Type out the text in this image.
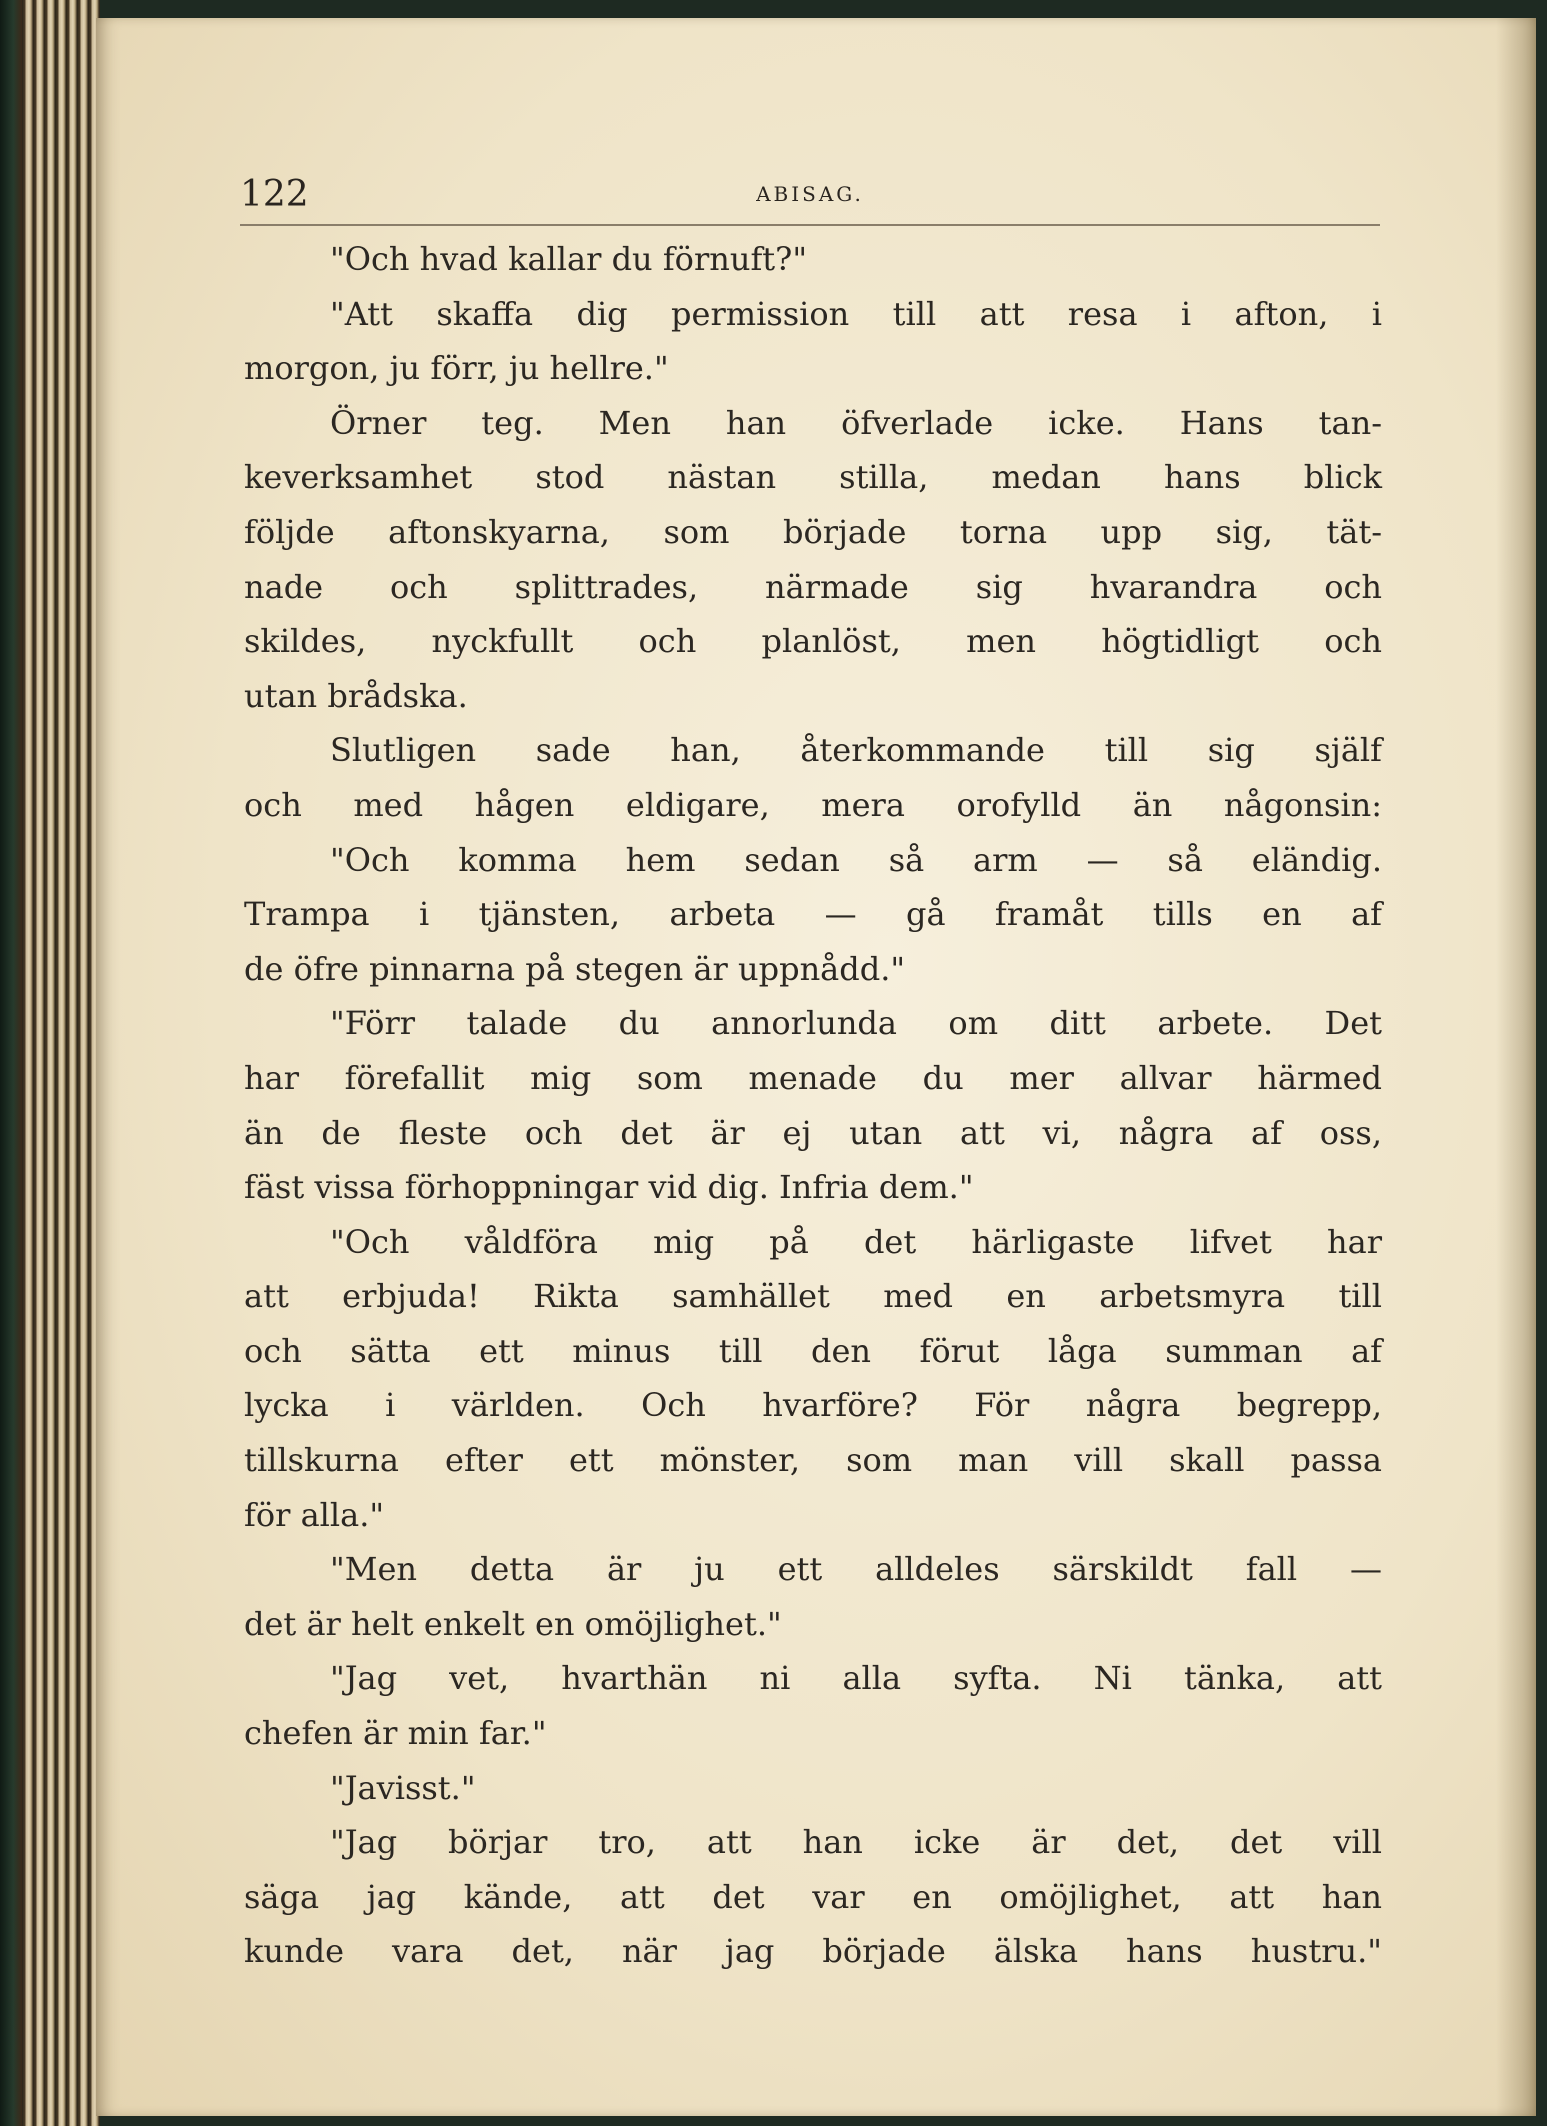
122	ABISAG.
"Och hvad kallar du förnuft?"
"Att skaffa dig permission till att resa i afton, i
morgon, ju förr, ju hellre."
Örner teg. Men han öfverlade icke. Hans tan-
keverksamhet stod nästan stilla, medan hans blick
följde aftonskyarna, som började torna upp sig, tät-
nade och splittrades, närmade sig hvarandra och
skildes, nyckfullt och planlöst, men högtidligt och
utan brådska.
Slutligen sade han, återkommande till sig själf
och med hågen eldigare, mera orofylld än någonsin:
"Och komma hem sedan så arm — så eländig.
Trampa i tjänsten, arbeta — gå framåt tills en af
de öfre pinnarna på stegen är uppnådd."
"Förr talade du annorlunda om ditt arbete. Det
har förefallit mig som menade du mer allvar härmed
än de fleste och det är ej utan att vi, några af oss,
fäst vissa förhoppningar vid dig. Infria dem."
"Och våldföra mig på det härligaste lifvet har
att erbjuda! Rikta samhället med en arbetsmyra till
och sätta ett minus till den förut låga summan af
lycka i världen. Och hvarföre? För några begrepp,
tillskurna efter ett mönster, som man vill skall passa
för alla."
"Men detta är ju ett alldeles särskildt fall —
det är helt enkelt en omöjlighet."
"Jag vet, hvarthän ni alla syfta. Ni tänka, att
chefen är min far."
"Javisst."
"Jag börjar tro, att han icke är det, det vill
säga jag kände, att det var en omöjlighet, att han
kunde vara det, när jag började älska hans hustru."
